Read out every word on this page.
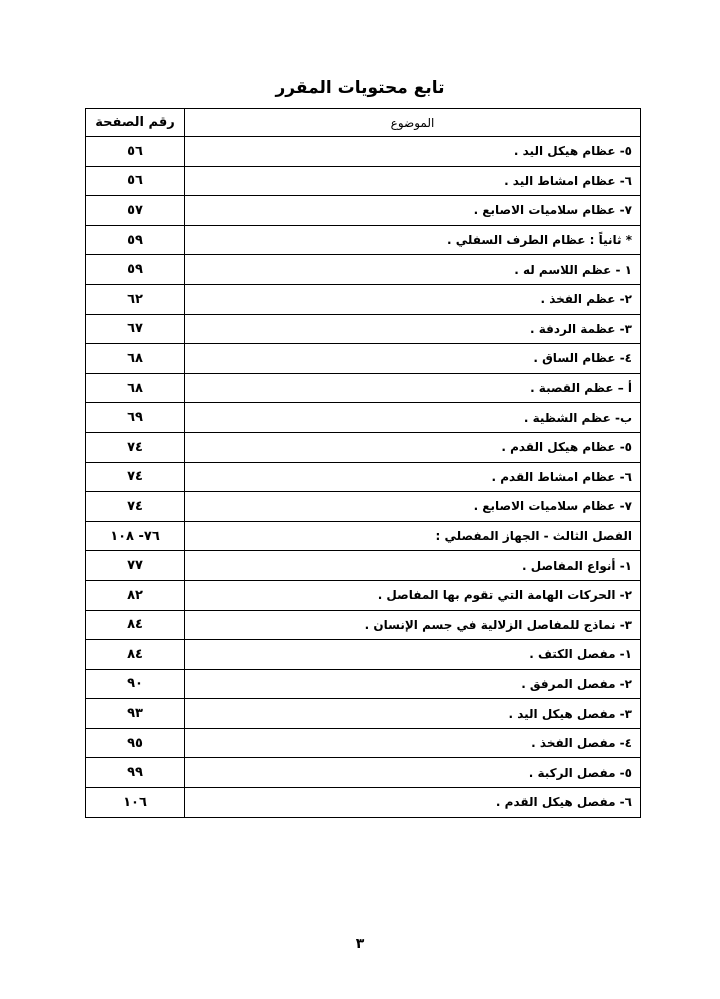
تابع محتويات المقرر
الموضوع	رقم الصفحة
٥- عظام هيكل اليد .	٥٦
٦- عظام امشاط اليد .	٥٦
٧- عظام سلاميات الاصابع .	٥٧
* ثانياً : عظام الطرف السفلي .	٥٩
١ - عظم اللاسم له .	٥٩
٢- عظم الفخذ .	٦٢
٣- عظمة الردفة .	٦٧
٤- عظام الساق .	٦٨
أ – عظم القصبة .	٦٨
ب- عظم الشظية .	٦٩
٥- عظام هيكل القدم .	٧٤
٦- عظام امشاط القدم .	٧٤
٧- عظام سلاميات الاصابع .	٧٤
الفصل الثالث - الجهاز المفصلي :	٧٦- ١٠٨
١- أنواع المفاصل .	٧٧
٢- الحركات الهامة التي تقوم بها المفاصل .	٨٢
٣- نماذج للمفاصل الزلالية في جسم الإنسان .	٨٤
١- مفصل الكتف .	٨٤
٢- مفصل المرفق .	٩٠
٣- مفصل هيكل اليد .	٩٣
٤- مفصل الفخذ .	٩٥
٥- مفصل الركبة .	٩٩
٦- مفصل هيكل القدم .	١٠٦
٣
